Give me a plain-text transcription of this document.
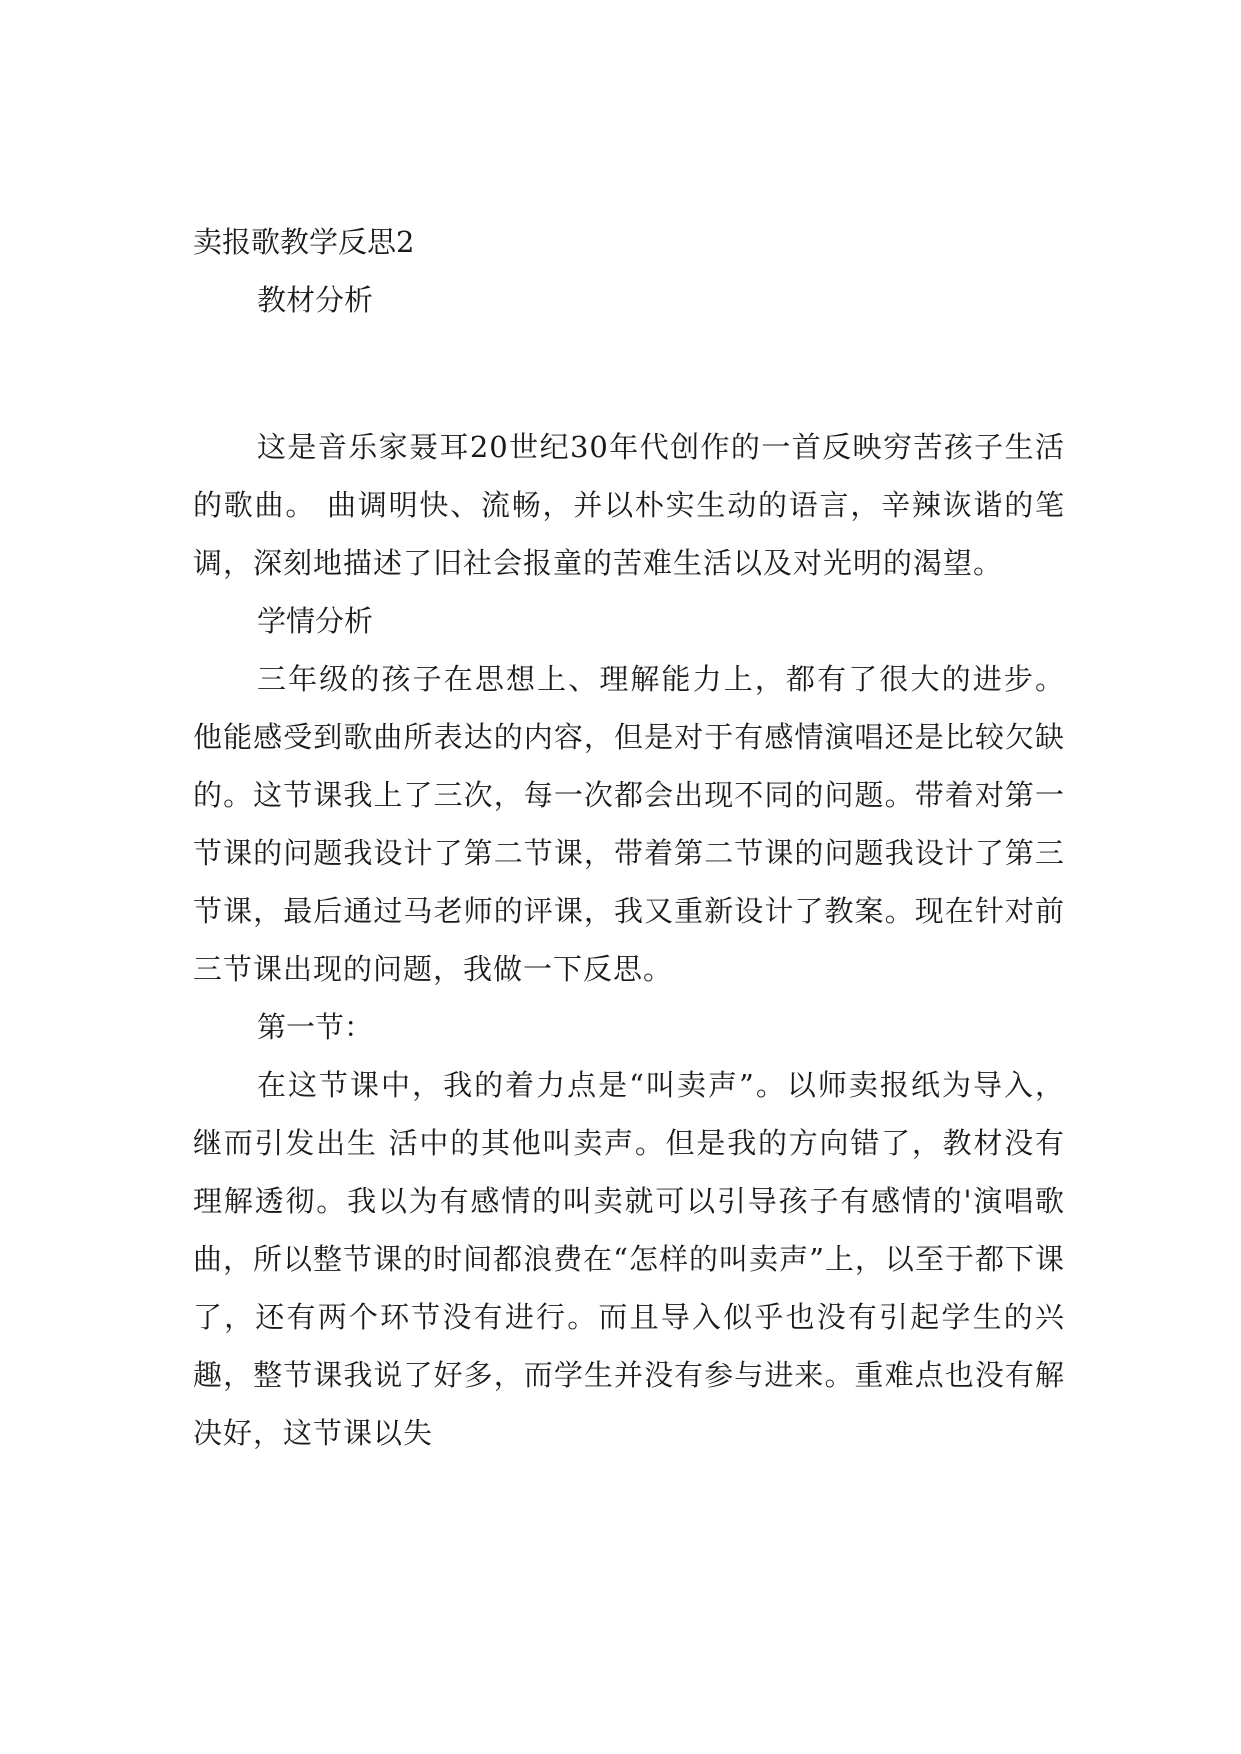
卖报歌教学反思2

教材分析

这是音乐家聂耳20世纪30年代创作的一首反映穷苦孩子生活的歌曲。 曲调明快、流畅，并以朴实生动的语言，辛辣诙谐的笔调，深刻地描述了旧社会报童的苦难生活以及对光明的渴望。

学情分析

三年级的孩子在思想上、理解能力上，都有了很大的进步。他能感受到歌曲所表达的内容，但是对于有感情演唱还是比较欠缺的。这节课我上了三次，每一次都会出现不同的问题。带着对第一节课的问题我设计了第二节课，带着第二节课的问题我设计了第三节课，最后通过马老师的评课，我又重新设计了教案。现在针对前三节课出现的问题，我做一下反思。

第一节：

在这节课中，我的着力点是“叫卖声”。以师卖报纸为导入，继而引发出生 活中的其他叫卖声。但是我的方向错了，教材没有理解透彻。我以为有感情的叫卖就可以引导孩子有感情的'演唱歌曲，所以整节课的时间都浪费在“怎样的叫卖声”上，以至于都下课了，还有两个环节没有进行。而且导入似乎也没有引起学生的兴趣，整节课我说了好多，而学生并没有参与进来。重难点也没有解决好，这节课以失
